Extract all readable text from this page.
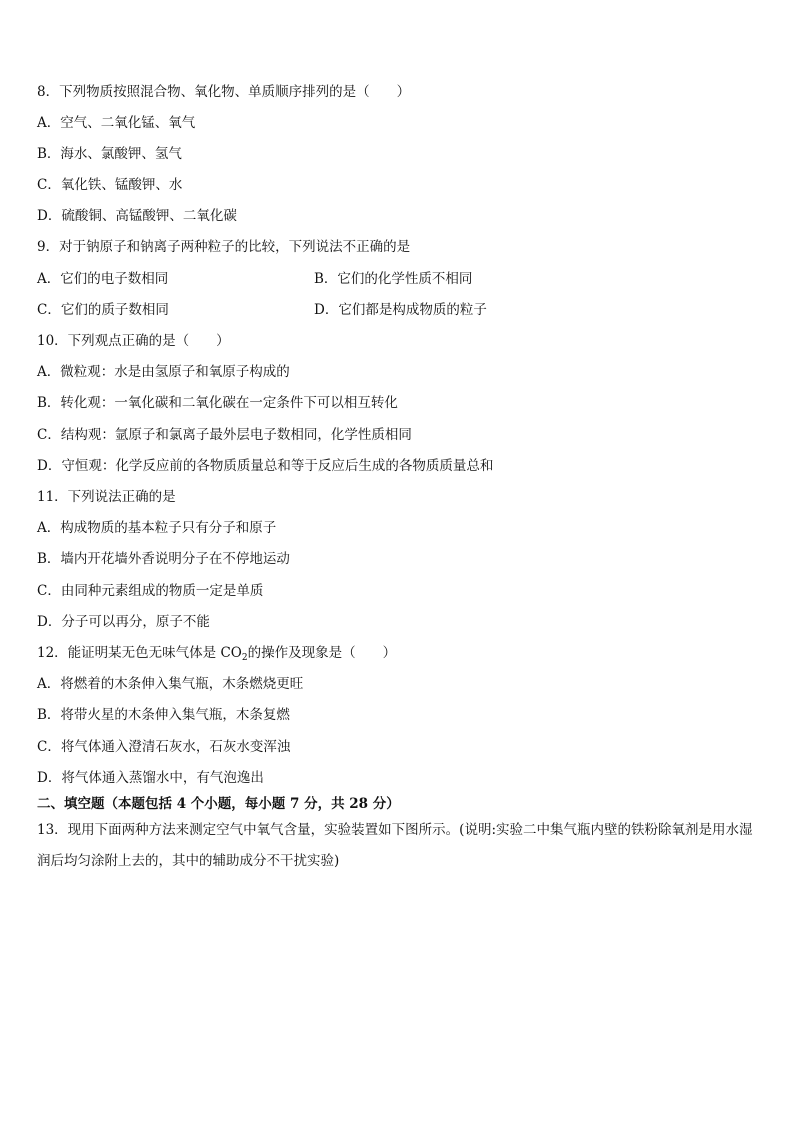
8．下列物质按照混合物、氧化物、单质顺序排列的是（　　）
A．空气、二氧化锰、氧气
B．海水、氯酸钾、氢气
C．氧化铁、锰酸钾、水
D．硫酸铜、高锰酸钾、二氧化碳
9．对于钠原子和钠离子两种粒子的比较，下列说法不正确的是
A．它们的电子数相同	B．它们的化学性质不相同
C．它们的质子数相同	D．它们都是构成物质的粒子
10．下列观点正确的是（　　）
A．微粒观：水是由氢原子和氧原子构成的
B．转化观：一氧化碳和二氧化碳在一定条件下可以相互转化
C．结构观：氩原子和氯离子最外层电子数相同，化学性质相同
D．守恒观：化学反应前的各物质质量总和等于反应后生成的各物质质量总和
11．下列说法正确的是
A．构成物质的基本粒子只有分子和原子
B．墙内开花墙外香说明分子在不停地运动
C．由同种元素组成的物质一定是单质
D．分子可以再分，原子不能
12．能证明某无色无味气体是 $CO_2$的操作及现象是（　　）
A．将燃着的木条伸入集气瓶，木条燃烧更旺
B．将带火星的木条伸入集气瓶，木条复燃
C．将气体通入澄清石灰水，石灰水变浑浊
D．将气体通入蒸馏水中，有气泡逸出
二、填空题（本题包括 4 个小题，每小题 7 分，共 28 分）
13．现用下面两种方法来测定空气中氧气含量，实验装置如下图所示。(说明:实验二中集气瓶内壁的铁粉除氧剂是用水湿润后均匀涂附上去的，其中的辅助成分不干扰实验)
